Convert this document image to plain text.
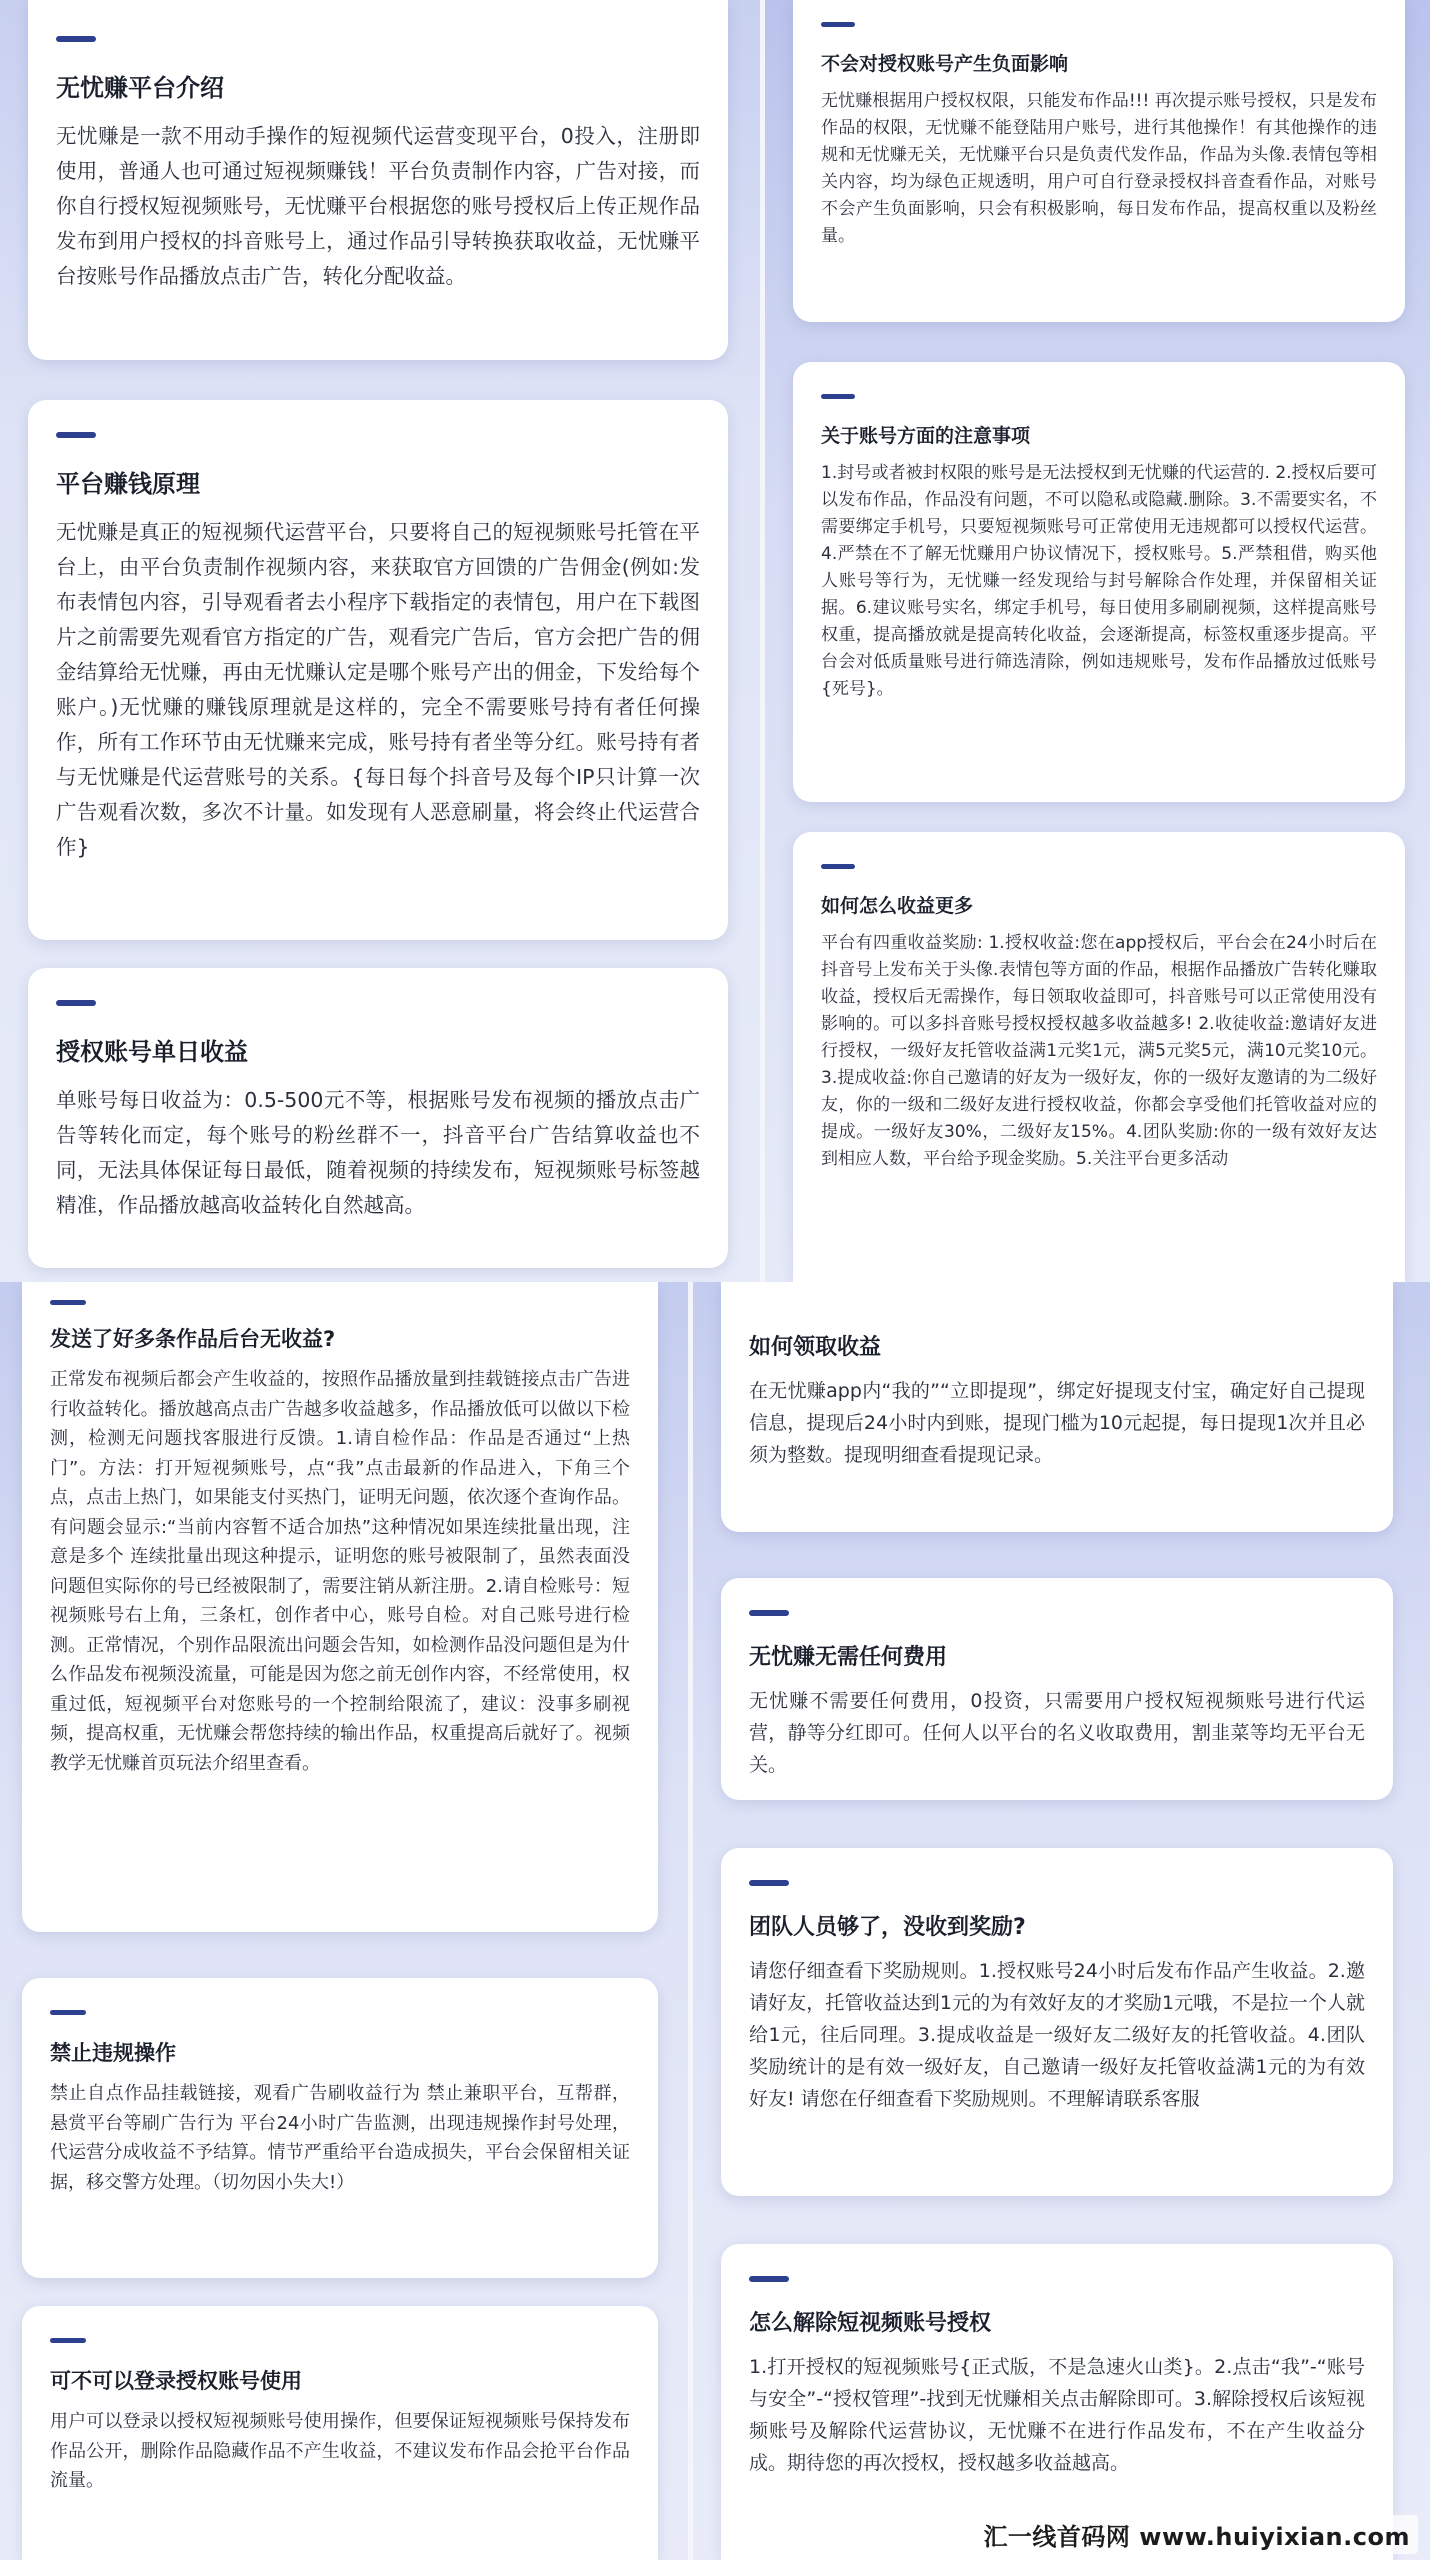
无忧赚平台介绍
无忧赚是一款不用动手操作的短视频代运营变现平台，0投入，注册即使用，普通人也可通过短视频赚钱！平台负责制作内容，广告对接，而你自行授权短视频账号，无忧赚平台根据您的账号授权后上传正规作品发布到用户授权的抖音账号上，通过作品引导转换获取收益，无忧赚平台按账号作品播放点击广告，转化分配收益。
平台赚钱原理
无忧赚是真正的短视频代运营平台，只要将自己的短视频账号托管在平台上，由平台负责制作视频内容，来获取官方回馈的广告佣金(例如:发布表情包内容，引导观看者去小程序下载指定的表情包，用户在下载图片之前需要先观看官方指定的广告，观看完广告后，官方会把广告的佣金结算给无忧赚，再由无忧赚认定是哪个账号产出的佣金，下发给每个账户。)无忧赚的赚钱原理就是这样的，完全不需要账号持有者任何操作，所有工作环节由无忧赚来完成，账号持有者坐等分红。账号持有者与无忧赚是代运营账号的关系。{每日每个抖音号及每个IP只计算一次广告观看次数，多次不计量。如发现有人恶意刷量，将会终止代运营合作}
授权账号单日收益
单账号每日收益为：0.5-500元不等，根据账号发布视频的播放点击广告等转化而定，每个账号的粉丝群不一，抖音平台广告结算收益也不同，无法具体保证每日最低，随着视频的持续发布，短视频账号标签越精准，作品播放越高收益转化自然越高。
不会对授权账号产生负面影响
无忧赚根据用户授权权限，只能发布作品!!! 再次提示账号授权，只是发布作品的权限，无忧赚不能登陆用户账号，进行其他操作！有其他操作的违规和无忧赚无关，无忧赚平台只是负责代发作品，作品为头像.表情包等相关内容，均为绿色正规透明，用户可自行登录授权抖音查看作品，对账号不会产生负面影响，只会有积极影响，每日发布作品，提高权重以及粉丝量。
关于账号方面的注意事项
1.封号或者被封权限的账号是无法授权到无忧赚的代运营的. 2.授权后要可以发布作品，作品没有问题，不可以隐私或隐藏.删除。3.不需要实名，不需要绑定手机号，只要短视频账号可正常使用无违规都可以授权代运营。4.严禁在不了解无忧赚用户协议情况下，授权账号。5.严禁租借，购买他人账号等行为，无忧赚一经发现给与封号解除合作处理，并保留相关证据。6.建议账号实名，绑定手机号，每日使用多刷刷视频，这样提高账号权重，提高播放就是提高转化收益，会逐渐提高，标签权重逐步提高。平台会对低质量账号进行筛选清除，例如违规账号，发布作品播放过低账号{死号}。
如何怎么收益更多
平台有四重收益奖励: 1.授权收益:您在app授权后，平台会在24小时后在抖音号上发布关于头像.表情包等方面的作品，根据作品播放广告转化赚取收益，授权后无需操作，每日领取收益即可，抖音账号可以正常使用没有影响的。可以多抖音账号授权授权越多收益越多! 2.收徒收益:邀请好友进行授权，一级好友托管收益满1元奖1元，满5元奖5元，满10元奖10元。3.提成收益:你自己邀请的好友为一级好友，你的一级好友邀请的为二级好友，你的一级和二级好友进行授权收益，你都会享受他们托管收益对应的提成。一级好友30%，二级好友15%。4.团队奖励:你的一级有效好友达到相应人数，平台给予现金奖励。5.关注平台更多活动
发送了好多条作品后台无收益?
正常发布视频后都会产生收益的，按照作品播放量到挂载链接点击广告进行收益转化。播放越高点击广告越多收益越多，作品播放低可以做以下检测，检测无问题找客服进行反馈。1.请自检作品：作品是否通过“上热门”。方法：打开短视频账号，点“我”点击最新的作品进入，下角三个点，点击上热门，如果能支付买热门，证明无问题，依次逐个查询作品。有问题会显示:“当前内容暂不适合加热”这种情况如果连续批量出现，注意是多个 连续批量出现这种提示，证明您的账号被限制了，虽然表面没问题但实际你的号已经被限制了，需要注销从新注册。2.请自检账号：短视频账号右上角，三条杠，创作者中心，账号自检。对自己账号进行检测。正常情况，个别作品限流出问题会告知，如检测作品没问题但是为什么作品发布视频没流量，可能是因为您之前无创作内容，不经常使用，权重过低，短视频平台对您账号的一个控制给限流了，建议：没事多刷视频，提高权重，无忧赚会帮您持续的输出作品，权重提高后就好了。视频教学无忧赚首页玩法介绍里查看。
禁止违规操作
禁止自点作品挂载链接，观看广告刷收益行为 禁止兼职平台，互帮群，悬赏平台等刷广告行为 平台24小时广告监测，出现违规操作封号处理，代运营分成收益不予结算。情节严重给平台造成损失，平台会保留相关证据，移交警方处理。（切勿因小失大!）
可不可以登录授权账号使用
用户可以登录以授权短视频账号使用操作，但要保证短视频账号保持发布作品公开，删除作品隐藏作品不产生收益，不建议发布作品会抢平台作品流量。
如何领取收益
在无忧赚app内“我的”“立即提现”，绑定好提现支付宝，确定好自己提现信息，提现后24小时内到账，提现门槛为10元起提，每日提现1次并且必须为整数。提现明细查看提现记录。
无忧赚无需任何费用
无忧赚不需要任何费用，0投资，只需要用户授权短视频账号进行代运营，静等分红即可。任何人以平台的名义收取费用，割韭菜等均无平台无关。
团队人员够了，没收到奖励?
请您仔细查看下奖励规则。1.授权账号24小时后发布作品产生收益。2.邀请好友，托管收益达到1元的为有效好友的才奖励1元哦，不是拉一个人就给1元，往后同理。3.提成收益是一级好友二级好友的托管收益。4.团队奖励统计的是有效一级好友，自己邀请一级好友托管收益满1元的为有效好友! 请您在仔细查看下奖励规则。不理解请联系客服
怎么解除短视频账号授权
1.打开授权的短视频账号{正式版，不是急速火山类}。2.点击“我”-“账号与安全”-“授权管理”-找到无忧赚相关点击解除即可。3.解除授权后该短视频账号及解除代运营协议，无忧赚不在进行作品发布，不在产生收益分成。期待您的再次授权，授权越多收益越高。
汇一线首码网 www.huiyixian.com
